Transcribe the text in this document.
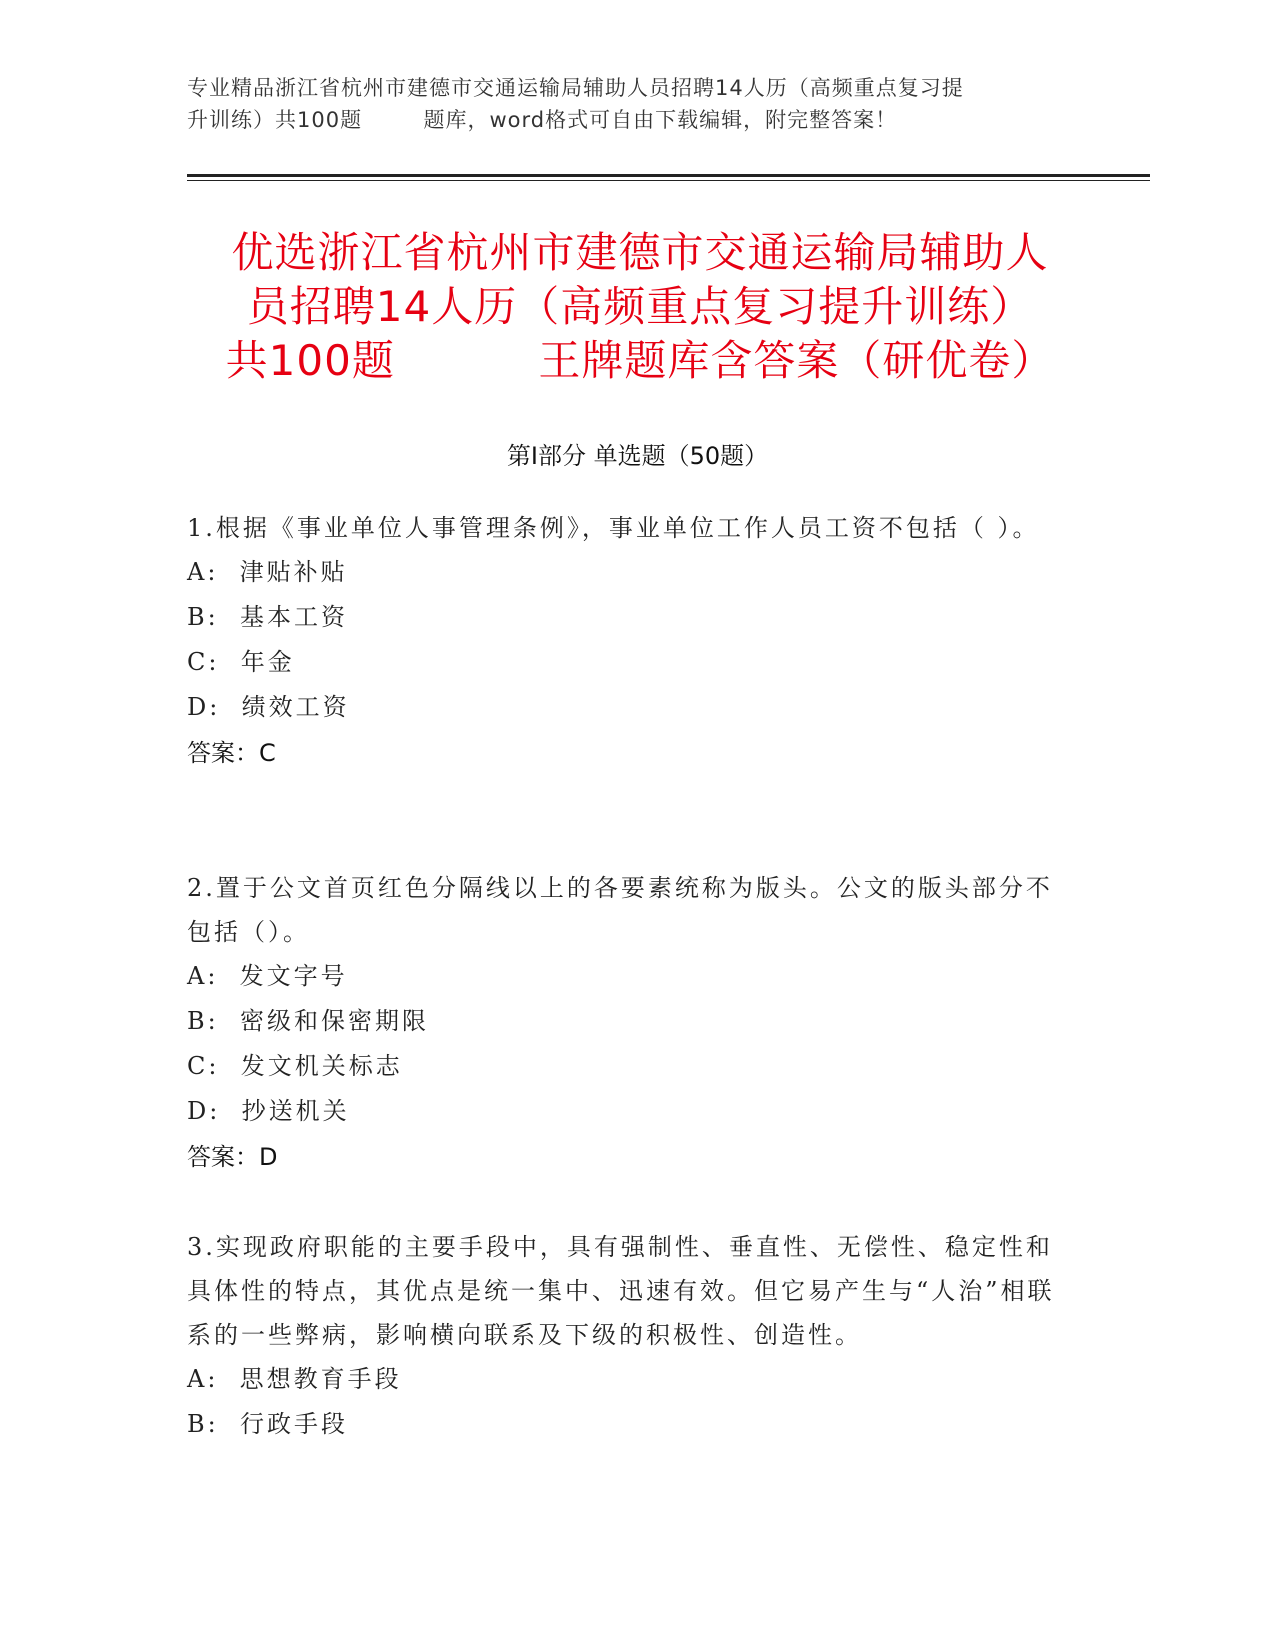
专业精品浙江省杭州市建德市交通运输局辅助人员招聘14人历（高频重点复习提
升训练）共100题        题库，word格式可自由下载编辑，附完整答案！
优选浙江省杭州市建德市交通运输局辅助人
员招聘14人历（高频重点复习提升训练）
共100题          王牌题库含答案（研优卷）
第Ⅰ部分 单选题（50题）

1.根据《事业单位人事管理条例》，事业单位工作人员工资不包括（ ）。

A:  津贴补贴

B:  基本工资

C:  年金

D:  绩效工资

答案：C

2.置于公文首页红色分隔线以上的各要素统称为版头。公文的版头部分不包括（）。

A:  发文字号

B:  密级和保密期限

C:  发文机关标志

D:  抄送机关

答案：D

3.实现政府职能的主要手段中，具有强制性、垂直性、无偿性、稳定性和具体性的特点，其优点是统一集中、迅速有效。但它易产生与“人治”相联系的一些弊病，影响横向联系及下级的积极性、创造性。

A:  思想教育手段

B:  行政手段
